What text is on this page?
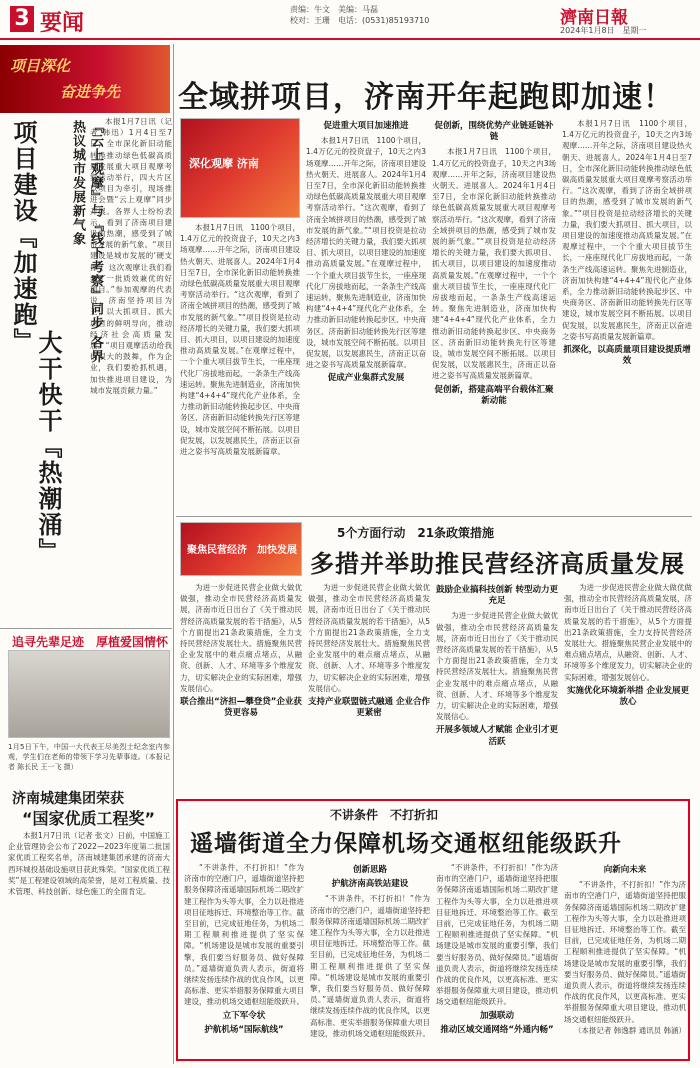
3 要闻
责编：牛文　美编：马磊
校对：王珊　电话：(0531)85193710	濟南日報
2024年1月8日　星期一
项目深化
奋进争先
项目建设『加速跑』	『云上观摩』与『线下考察』同步 各界热议城市发展新气象
大干快干『热潮涌』

本报1月7日讯（记者 韩迅）1月4日至7日，全市深化新旧动能转换推动绿色低碳高质量发展重大项目观摩考察活动举行，四大片区以项目为牵引，现场推进会暨“云上观摩”同步开展。各界人士纷纷表示，看到了济南项目建设的热潮，感受到了城市发展的新气象。“项目建设是城市发展的‘硬支撑’，这次观摩让我们看到了一批质效兼优的好项目。”参加观摩的代表说，济南坚持项目为王，以大抓项目、抓大项目的鲜明导向，推动经济社会高质量发展。“项目观摩活动给我们很大的鼓舞，作为企业，我们要抢抓机遇，加快推进项目建设，为城市发展贡献力量。”

追寻先辈足迹　厚植爱国情怀
1月5日下午，中国一大代表王尽美烈士纪念室内参观，学生们在老师的带领下学习先辈事迹。（本报记者 陈长民 王一飞 摄）
济南城建集团荣获
“国家优质工程奖”

本报1月7日讯（记者 张文）日前，中国施工企业管理协会公布了2022—2023年度第二批国家优质工程奖名单，济南城建集团承建的济南大西环城投基础设施项目获此殊荣。“国家优质工程奖”是工程建设领域的高荣誉，是对工程质量、技术管理、科技创新、绿色施工的全面肯定。

全域拼项目，济南开年起跑即加速！
深化观摩 济南

本报1月7日讯　1100个项目，1.4万亿元的投资盘子，10天之内3场观摩……开年之际，济南项目建设热火朝天、进展喜人。2024年1月4日至7日，全市深化新旧动能转换推动绿色低碳高质量发展重大项目观摩考察活动举行。“这次观摩，看到了济南全域拼项目的热潮，感受到了城市发展的新气象。”“项目投资是拉动经济增长的关键力量，我们要大抓项目、抓大项目，以项目建设的加速度推动高质量发展。”在观摩过程中，一个个重大项目拔节生长，一座座现代化厂房拔地而起，一条条生产线高速运转。聚焦先进制造业，济南加快构建“4+4+4”现代化产业体系，全力推动新旧动能转换起步区、中央商务区、济南新旧动能转换先行区等建设，城市发展空间不断拓展。以项目促发展，以发展惠民生，济南正以奋进之姿书写高质量发展新篇章。

促进重大项目加速推进

本报1月7日讯　1100个项目，1.4万亿元的投资盘子，10天之内3场观摩……开年之际，济南项目建设热火朝天、进展喜人。2024年1月4日至7日，全市深化新旧动能转换推动绿色低碳高质量发展重大项目观摩考察活动举行。“这次观摩，看到了济南全域拼项目的热潮，感受到了城市发展的新气象。”“项目投资是拉动经济增长的关键力量，我们要大抓项目、抓大项目，以项目建设的加速度推动高质量发展。”在观摩过程中，一个个重大项目拔节生长，一座座现代化厂房拔地而起，一条条生产线高速运转。聚焦先进制造业，济南加快构建“4+4+4”现代化产业体系，全力推动新旧动能转换起步区、中央商务区、济南新旧动能转换先行区等建设，城市发展空间不断拓展。以项目促发展，以发展惠民生，济南正以奋进之姿书写高质量发展新篇章。

促成产业集群式发展
促创新，围绕优势产业链延链补链

本报1月7日讯　1100个项目，1.4万亿元的投资盘子，10天之内3场观摩……开年之际，济南项目建设热火朝天、进展喜人。2024年1月4日至7日，全市深化新旧动能转换推动绿色低碳高质量发展重大项目观摩考察活动举行。“这次观摩，看到了济南全域拼项目的热潮，感受到了城市发展的新气象。”“项目投资是拉动经济增长的关键力量，我们要大抓项目、抓大项目，以项目建设的加速度推动高质量发展。”在观摩过程中，一个个重大项目拔节生长，一座座现代化厂房拔地而起，一条条生产线高速运转。聚焦先进制造业，济南加快构建“4+4+4”现代化产业体系，全力推动新旧动能转换起步区、中央商务区、济南新旧动能转换先行区等建设，城市发展空间不断拓展。以项目促发展，以发展惠民生，济南正以奋进之姿书写高质量发展新篇章。

促创新，搭建高端平台载体汇聚新动能

本报1月7日讯　1100个项目，1.4万亿元的投资盘子，10天之内3场观摩……开年之际，济南项目建设热火朝天、进展喜人。2024年1月4日至7日，全市深化新旧动能转换推动绿色低碳高质量发展重大项目观摩考察活动举行。“这次观摩，看到了济南全域拼项目的热潮，感受到了城市发展的新气象。”“项目投资是拉动经济增长的关键力量，我们要大抓项目、抓大项目，以项目建设的加速度推动高质量发展。”在观摩过程中，一个个重大项目拔节生长，一座座现代化厂房拔地而起，一条条生产线高速运转。聚焦先进制造业，济南加快构建“4+4+4”现代化产业体系，全力推动新旧动能转换起步区、中央商务区、济南新旧动能转换先行区等建设，城市发展空间不断拓展。以项目促发展，以发展惠民生，济南正以奋进之姿书写高质量发展新篇章。

抓深化，以高质量项目建设提质增效
5个方面行动　21条政策措施
多措并举助推民营经济高质量发展
聚焦民营经济　加快发展

为进一步促进民营企业做大做优做强，推动全市民营经济高质量发展，济南市近日出台了《关于推动民营经济高质量发展的若干措施》，从5个方面提出21条政策措施，全力支持民营经济发展壮大。措施聚焦民营企业发展中的难点痛点堵点，从融资、创新、人才、环境等多个维度发力，切实解决企业的实际困难，增强发展信心。

联合推出“济担—攀登贷”企业获贷更容易

为进一步促进民营企业做大做优做强，推动全市民营经济高质量发展，济南市近日出台了《关于推动民营经济高质量发展的若干措施》，从5个方面提出21条政策措施，全力支持民营经济发展壮大。措施聚焦民营企业发展中的难点痛点堵点，从融资、创新、人才、环境等多个维度发力，切实解决企业的实际困难，增强发展信心。

支持产业联盟链式融通 企业合作更紧密
鼓励企业搞科技创新 转型动力更充足

为进一步促进民营企业做大做优做强，推动全市民营经济高质量发展，济南市近日出台了《关于推动民营经济高质量发展的若干措施》，从5个方面提出21条政策措施，全力支持民营经济发展壮大。措施聚焦民营企业发展中的难点痛点堵点，从融资、创新、人才、环境等多个维度发力，切实解决企业的实际困难，增强发展信心。

开展多领域人才赋能 企业引才更活跃

为进一步促进民营企业做大做优做强，推动全市民营经济高质量发展，济南市近日出台了《关于推动民营经济高质量发展的若干措施》，从5个方面提出21条政策措施，全力支持民营经济发展壮大。措施聚焦民营企业发展中的难点痛点堵点，从融资、创新、人才、环境等多个维度发力，切实解决企业的实际困难，增强发展信心。

实施优化环境新举措 企业发展更放心
不讲条件　不打折扣
遥墙街道全力保障机场交通枢纽能级跃升

“不讲条件，不打折扣！”作为济南市的空港门户，遥墙街道坚持把服务保障济南遥墙国际机场二期改扩建工程作为头等大事，全力以赴推进项目征地拆迁、环境整治等工作。截至目前，已完成征地任务，为机场二期工程顺利推进提供了坚实保障。“机场建设是城市发展的重要引擎，我们要当好服务员、做好保障员。”遥墙街道负责人表示，街道将继续发扬连续作战的优良作风，以更高标准、更实举措服务保障重大项目建设，推动机场交通枢纽能级跃升。

立下军令状
护航机场“国际航线”
创新思路
护航济南高铁站建设

“不讲条件，不打折扣！”作为济南市的空港门户，遥墙街道坚持把服务保障济南遥墙国际机场二期改扩建工程作为头等大事，全力以赴推进项目征地拆迁、环境整治等工作。截至目前，已完成征地任务，为机场二期工程顺利推进提供了坚实保障。“机场建设是城市发展的重要引擎，我们要当好服务员、做好保障员。”遥墙街道负责人表示，街道将继续发扬连续作战的优良作风，以更高标准、更实举措服务保障重大项目建设，推动机场交通枢纽能级跃升。

“不讲条件，不打折扣！”作为济南市的空港门户，遥墙街道坚持把服务保障济南遥墙国际机场二期改扩建工程作为头等大事，全力以赴推进项目征地拆迁、环境整治等工作。截至目前，已完成征地任务，为机场二期工程顺利推进提供了坚实保障。“机场建设是城市发展的重要引擎，我们要当好服务员、做好保障员。”遥墙街道负责人表示，街道将继续发扬连续作战的优良作风，以更高标准、更实举措服务保障重大项目建设，推动机场交通枢纽能级跃升。

加强联动
推动区域交通网络“外通内畅”
向新向未来

“不讲条件，不打折扣！”作为济南市的空港门户，遥墙街道坚持把服务保障济南遥墙国际机场二期改扩建工程作为头等大事，全力以赴推进项目征地拆迁、环境整治等工作。截至目前，已完成征地任务，为机场二期工程顺利推进提供了坚实保障。“机场建设是城市发展的重要引擎，我们要当好服务员、做好保障员。”遥墙街道负责人表示，街道将继续发扬连续作战的优良作风，以更高标准、更实举措服务保障重大项目建设，推动机场交通枢纽能级跃升。

（本报记者 韩逸群 通讯员 韩涵）
